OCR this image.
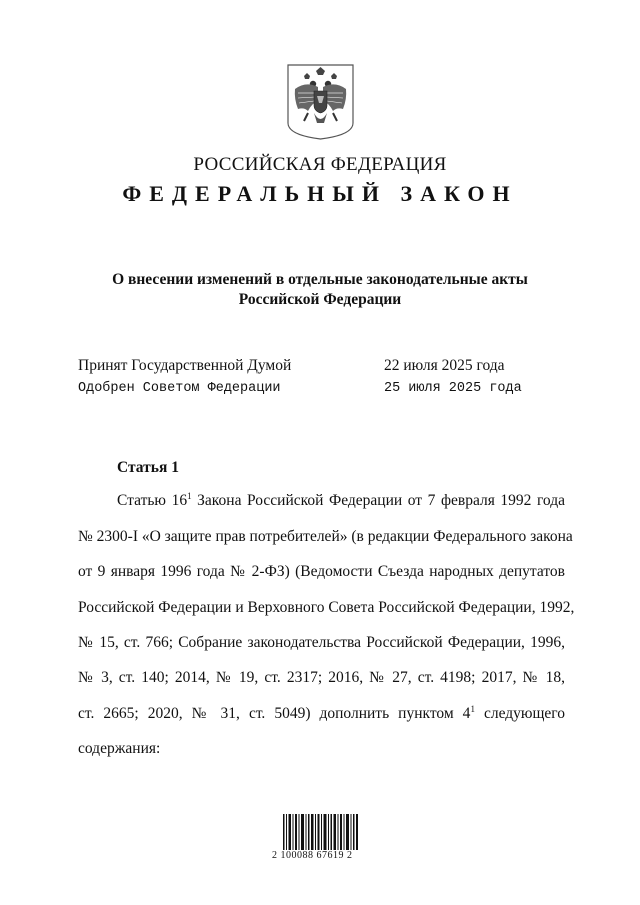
РОССИЙСКАЯ ФЕДЕРАЦИЯ
ФЕДЕРАЛЬНЫЙ ЗАКОН
О внесении изменений в отдельные законодательные акты
Российской Федерации
Принят Государственной Думой	22 июля 2025 года
Одобрен Советом Федерации	25 июля 2025 года
Статья 1
Статью $16^1$ Закона Российской Федерации от 7 февраля 1992 года
№ 2300-I «О защите прав потребителей» (в редакции Федерального закона
от 9 января 1996 года № 2-ФЗ) (Ведомости Съезда народных депутатов
Российской Федерации и Верховного Совета Российской Федерации, 1992,
№ 15, ст. 766; Собрание законодательства Российской Федерации, 1996,
№ 3, ст. 140; 2014, № 19, ст. 2317; 2016, № 27, ст. 4198; 2017, № 18,
ст. 2665; 2020, № 31, ст. 5049) дополнить пунктом $4^1$ следующего
содержания:
2 100088 67619 2
